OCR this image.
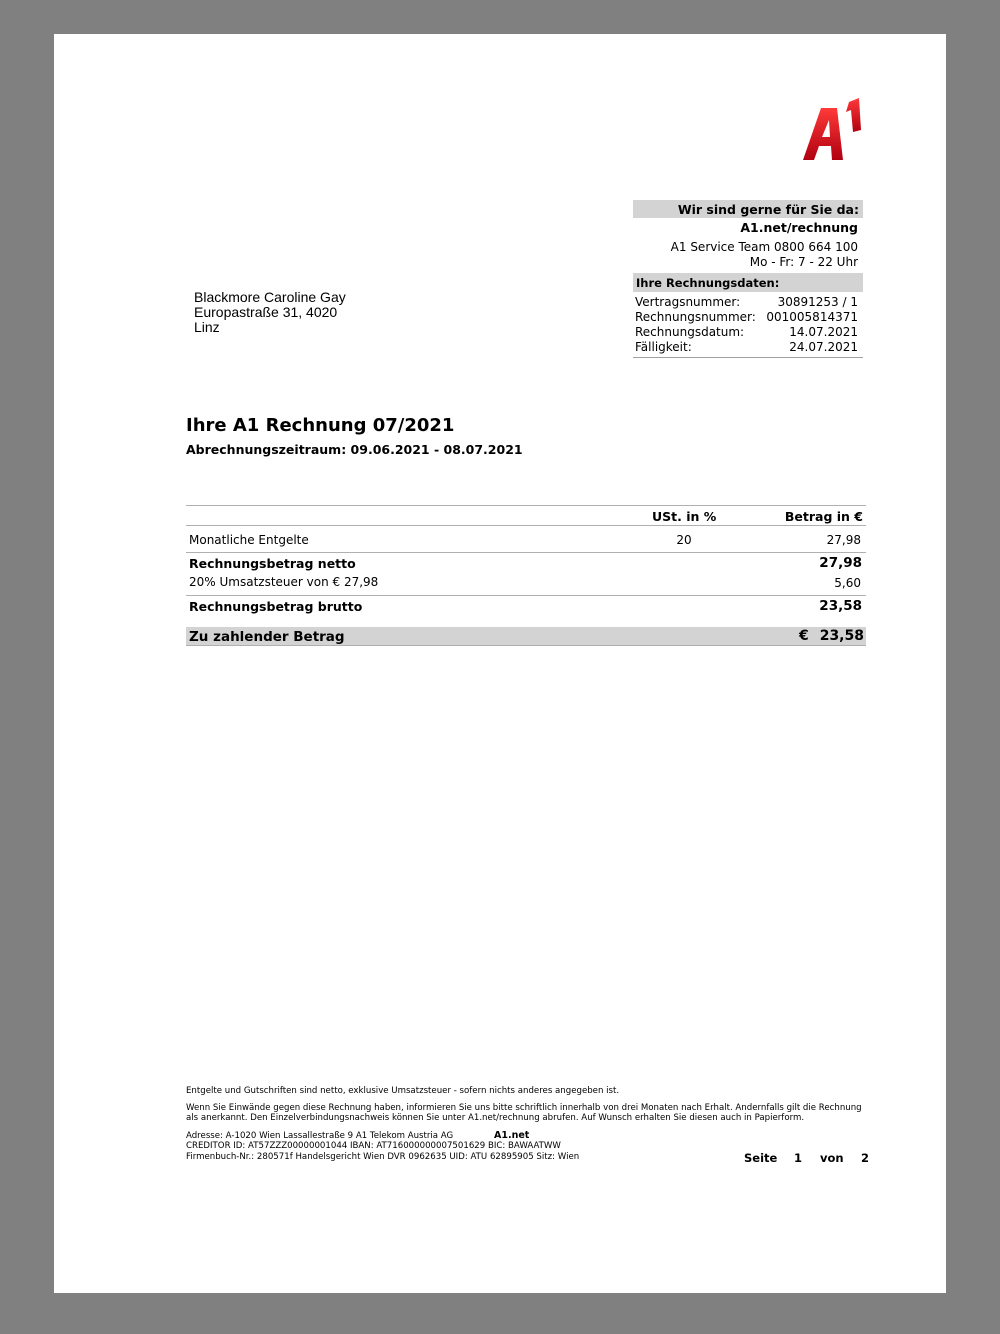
Wir sind gerne für Sie da:
A1.net/rechnung
A1 Service Team 0800 664 100
Mo - Fr: 7 - 22 Uhr
Ihre Rechnungsdaten:
Vertragsnummer:	30891253 / 1
Rechnungsnummer: 001005814371
Rechnungsdatum:	14.07.2021
Fälligkeit:	24.07.2021
Blackmore Caroline Gay
Europastraße 31, 4020
Linz
Ihre A1 Rechnung 07/2021
Abrechnungszeitraum: 09.06.2021 - 08.07.2021
USt. in %	Betrag in €
Monatliche Entgelte	20	27,98
Rechnungsbetrag netto	27,98
20% Umsatzsteuer von € 27,98	5,60
Rechnungsbetrag brutto	23,58
Zu zahlender Betrag	€ 23,58
Entgelte und Gutschriften sind netto, exklusive Umsatzsteuer - sofern nichts anderes angegeben ist.
Wenn Sie Einwände gegen diese Rechnung haben, informieren Sie uns bitte schriftlich innerhalb von drei Monaten nach Erhalt. Andernfalls gilt die Rechnung
als anerkannt. Den Einzelverbindungsnachweis können Sie unter A1.net/rechnung abrufen. Auf Wunsch erhalten Sie diesen auch in Papierform.
Adresse: A-1020 Wien Lassallestraße 9 A1 Telekom Austria AG	A1.net
CREDITOR ID: AT57ZZZ00000001044 IBAN: AT716000000007501629 BIC: BAWAATWW
Firmenbuch-Nr.: 280571f Handelsgericht Wien DVR 0962635 UID: ATU 62895905 Sitz: Wien	Seite 1 von 2
